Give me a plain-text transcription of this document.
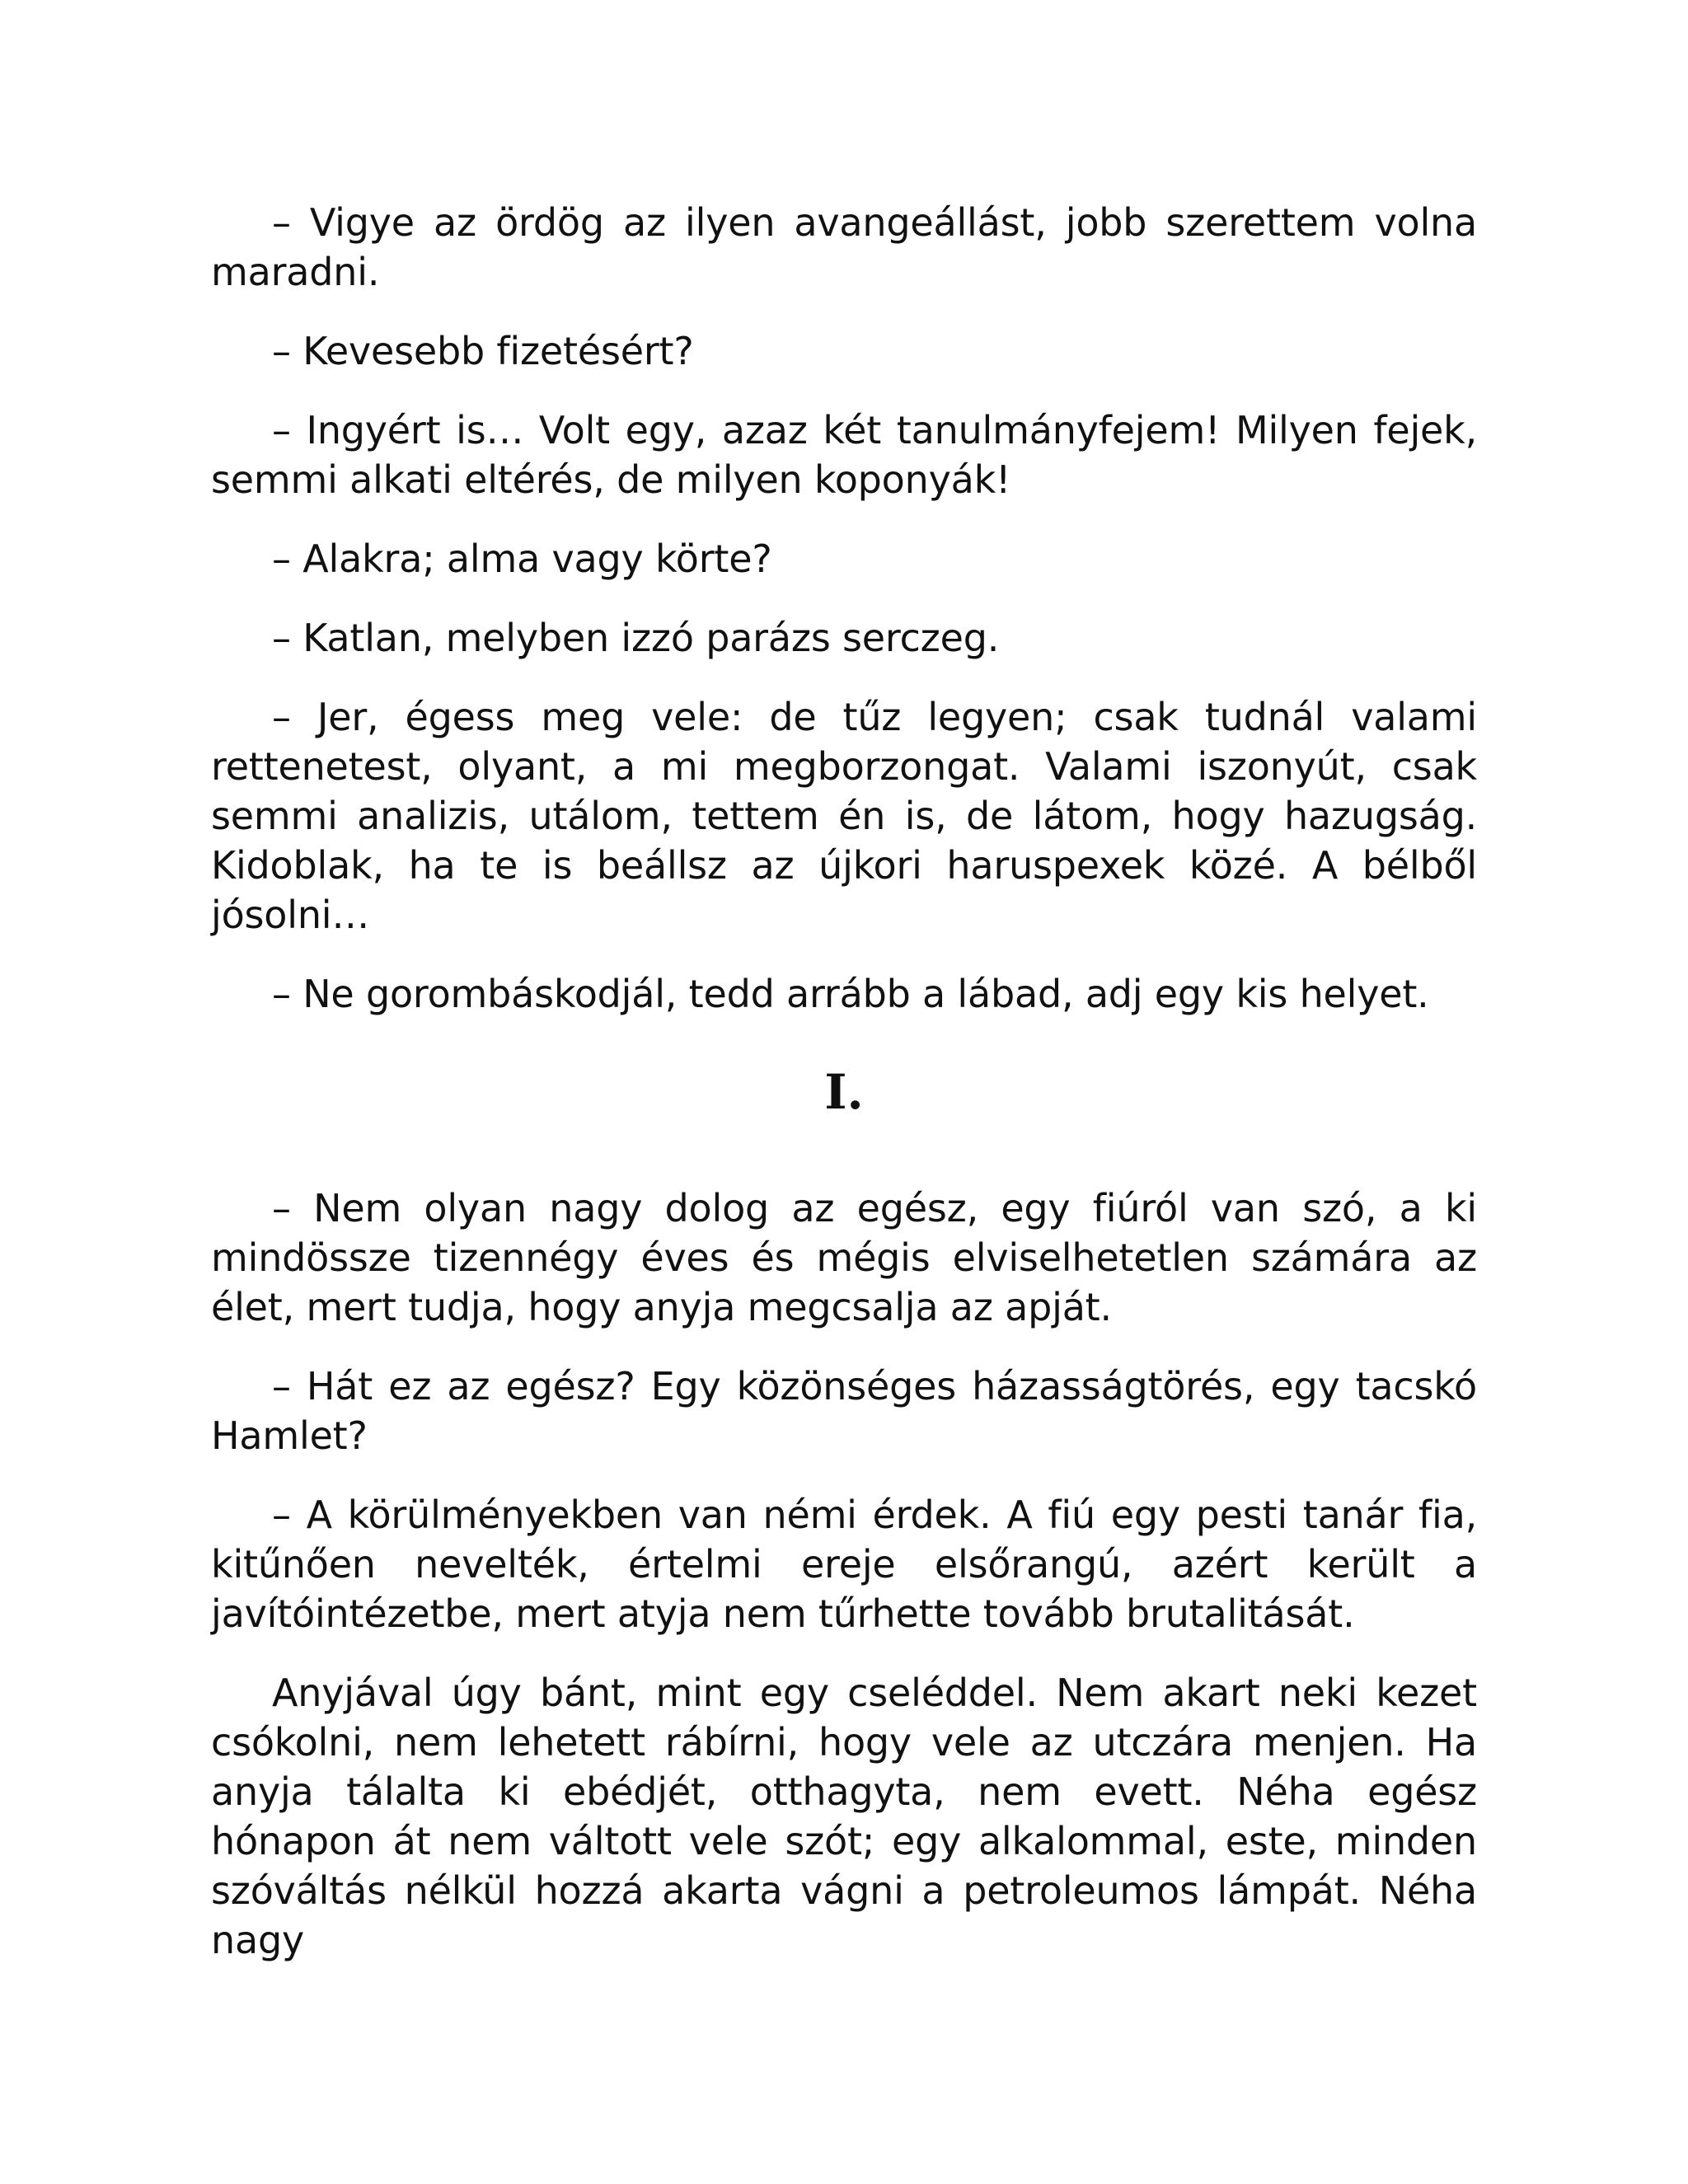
– Vigye az ördög az ilyen avangeállást, jobb szerettem volna maradni.

– Kevesebb fizetésért?

– Ingyért is… Volt egy, azaz két tanulmányfejem! Milyen fejek, semmi alkati eltérés, de milyen koponyák!

– Alakra; alma vagy körte?

– Katlan, melyben izzó parázs serczeg.

– Jer, égess meg vele: de tűz legyen; csak tudnál valami rettenetest, olyant, a mi megborzongat. Valami iszonyút, csak semmi analizis, utálom, tettem én is, de látom, hogy hazugság. Kidoblak, ha te is beállsz az újkori haruspexek közé. A bélből jósolni…

– Ne gorombáskodjál, tedd arrább a lábad, adj egy kis helyet.

I.

– Nem olyan nagy dolog az egész, egy fiúról van szó, a ki mindössze tizennégy éves és mégis elviselhetetlen számára az élet, mert tudja, hogy anyja megcsalja az apját.

– Hát ez az egész? Egy közönséges házasságtörés, egy tacskó Hamlet?

– A körülményekben van némi érdek. A fiú egy pesti tanár fia, kitűnően nevelték, értelmi ereje elsőrangú, azért került a javítóintézetbe, mert atyja nem tűrhette tovább brutalitását.

Anyjával úgy bánt, mint egy cseléddel. Nem akart neki kezet csókolni, nem lehetett rábírni, hogy vele az utczára menjen. Ha anyja tálalta ki ebédjét, otthagyta, nem evett. Néha egész hónapon át nem váltott vele szót; egy alkalommal, este, minden szóváltás nélkül hozzá akarta vágni a petroleumos lámpát. Néha nagy
